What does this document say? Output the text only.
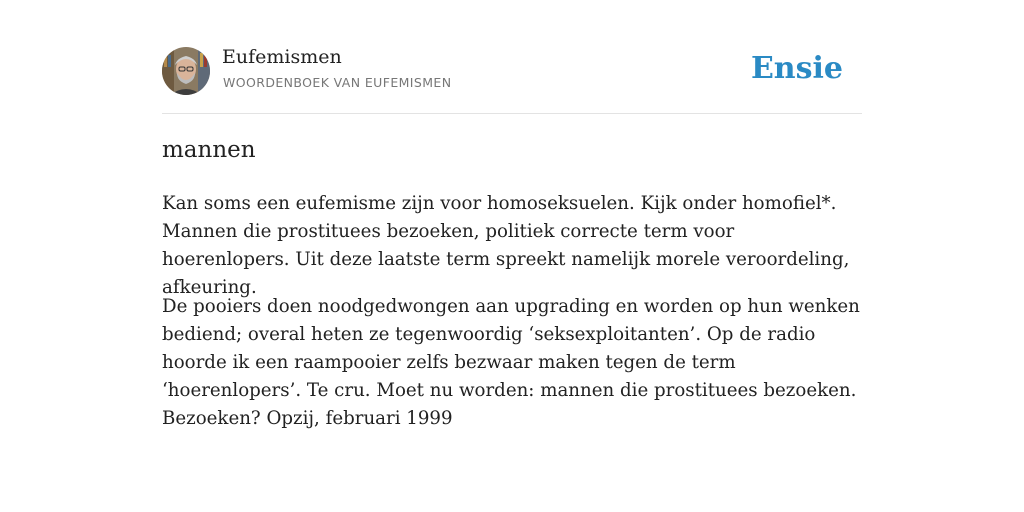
Eufemismen
WOORDENBOEK VAN EUFEMISMEN	Ensie
mannen

Kan soms een eufemisme zijn voor homoseksuelen. Kijk onder homofiel*. Mannen die prostituees bezoeken, politiek correcte term voor hoerenlopers. Uit deze laatste term spreekt namelijk morele veroordeling, afkeuring.

De pooiers doen noodgedwongen aan upgrading en worden op hun wenken bediend; overal heten ze tegenwoordig ‘seksexploitanten’. Op de radio hoorde ik een raampooier zelfs bezwaar maken tegen de term ‘hoerenlopers’. Te cru. Moet nu worden: mannen die prostituees bezoeken. Bezoeken? Opzij, februari 1999
